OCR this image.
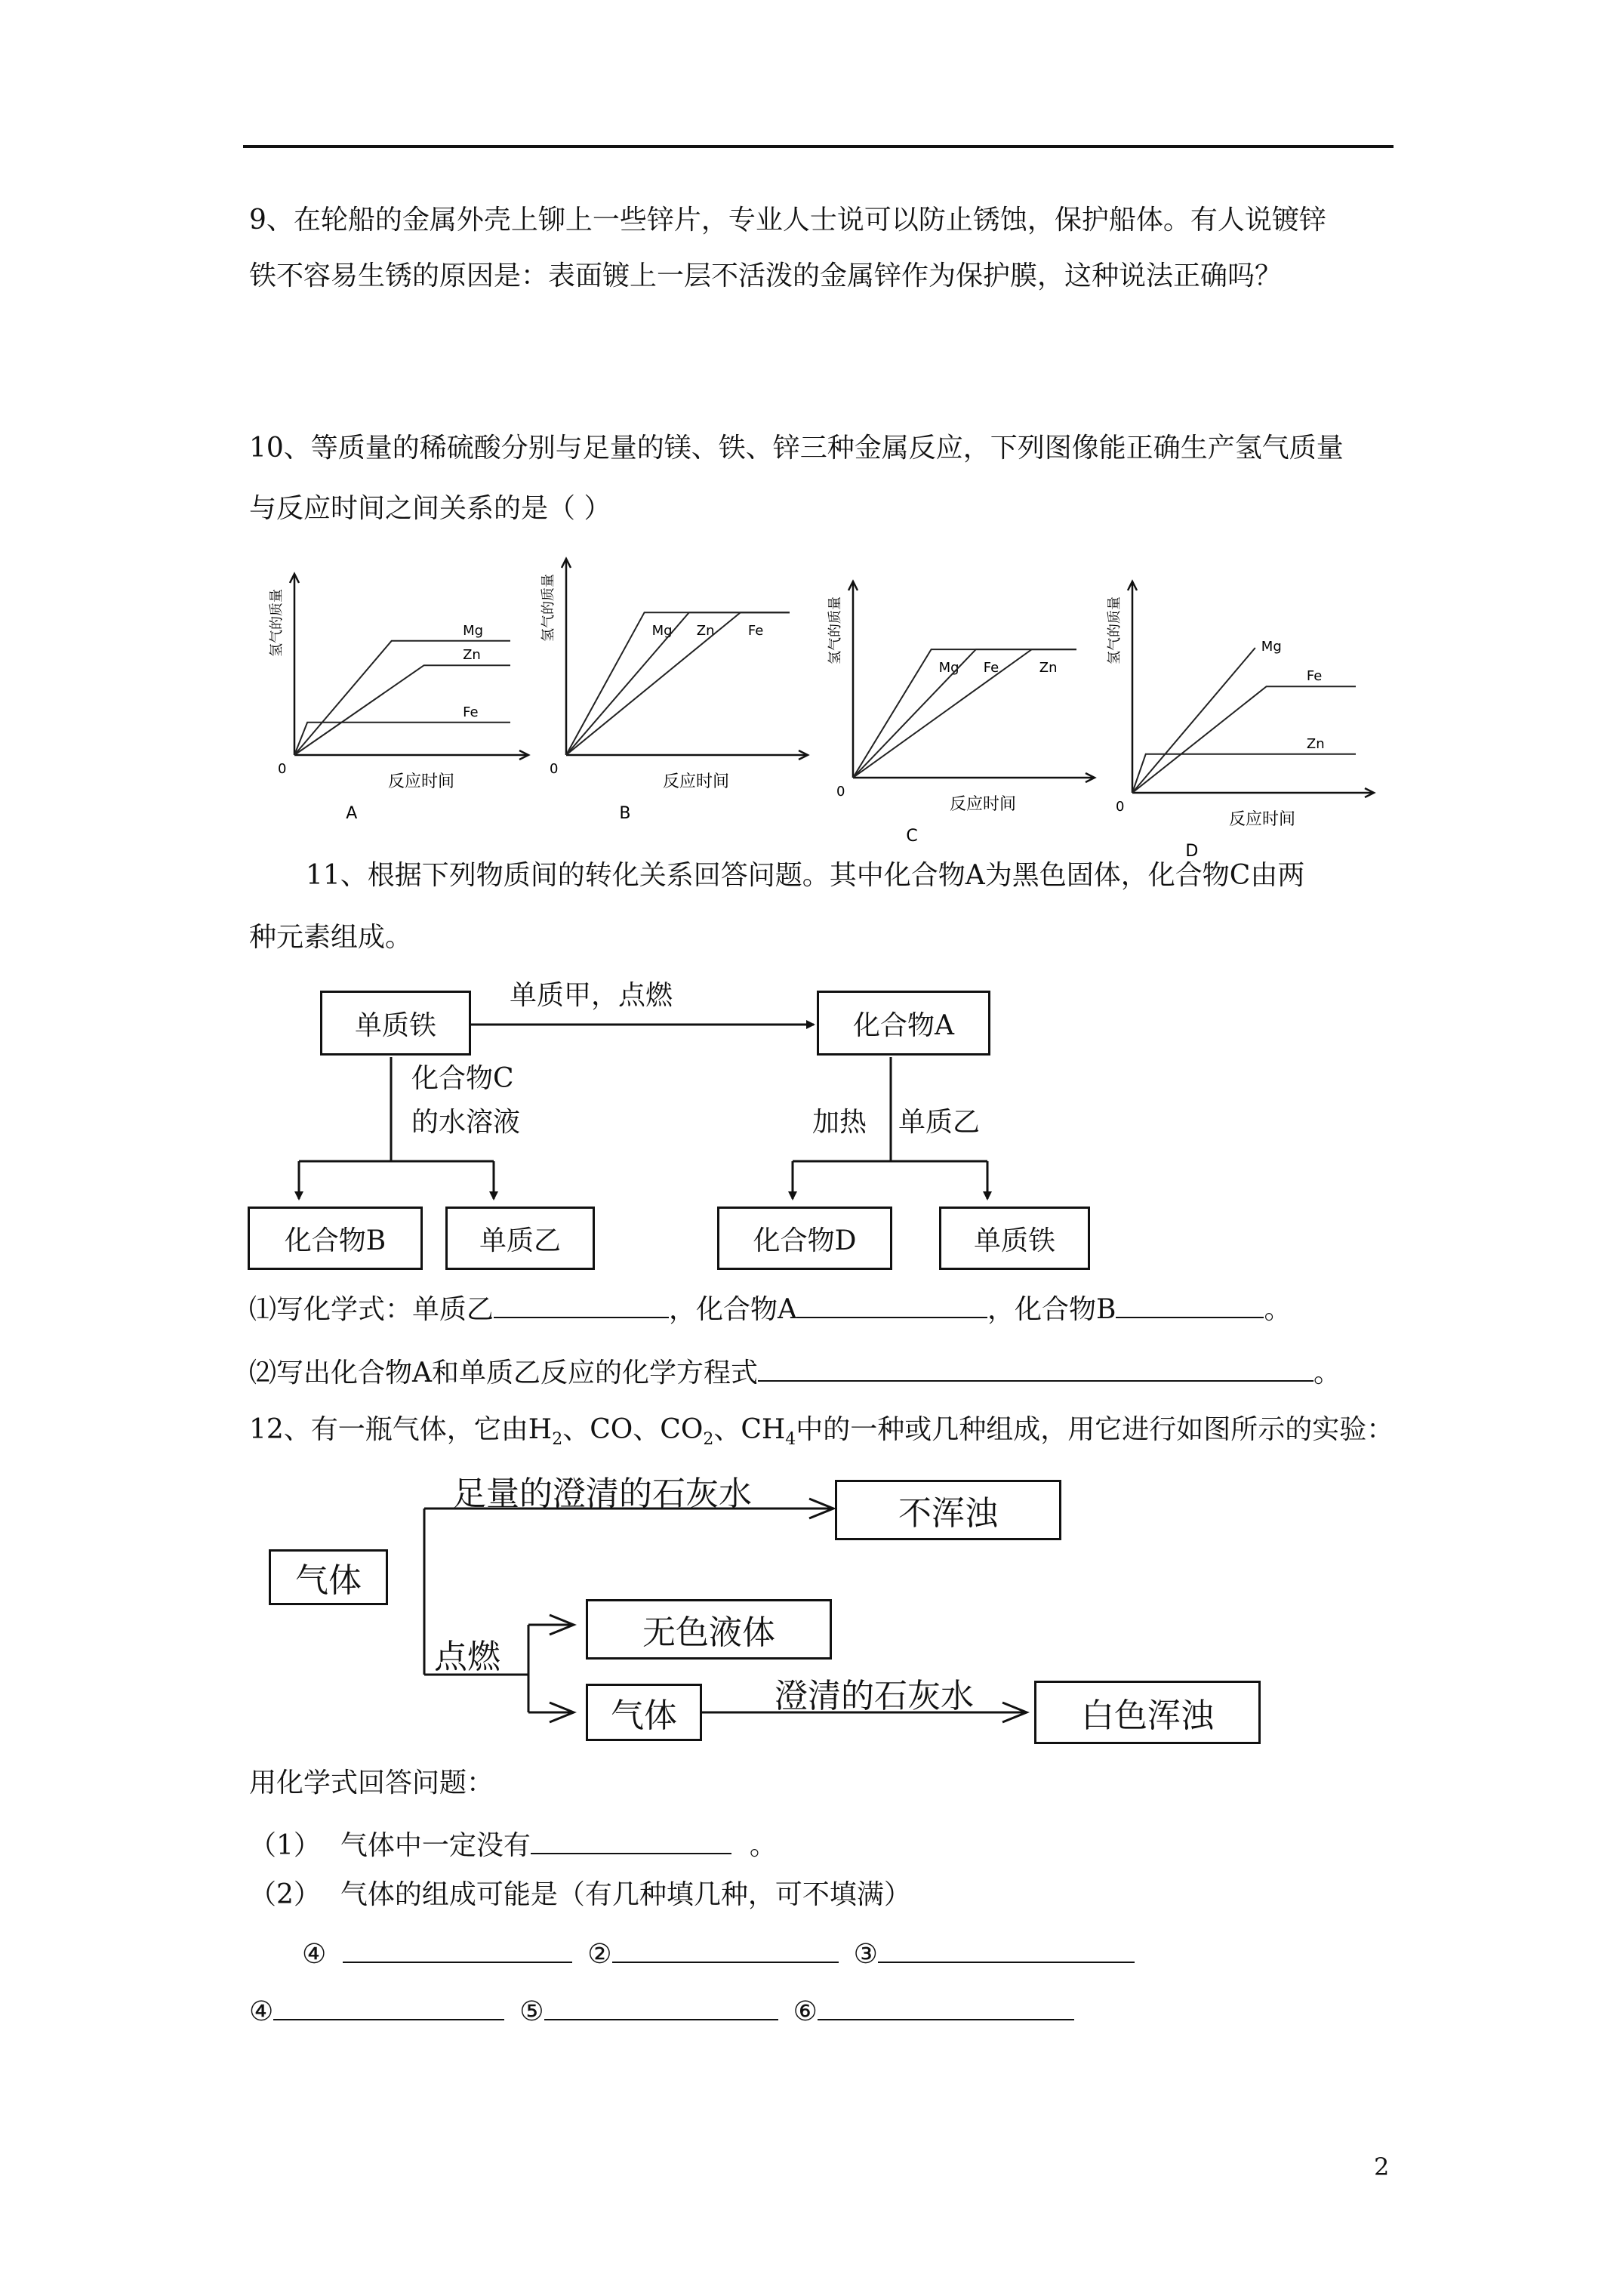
9、在轮船的金属外壳上铆上一些锌片，专业人士说可以防止锈蚀，保护船体。有人说镀锌
铁不容易生锈的原因是：表面镀上一层不活泼的金属锌作为保护膜，这种说法正确吗？
10、等质量的稀硫酸分别与足量的镁、铁、锌三种金属反应，下列图像能正确生产氢气质量
与反应时间之间关系的是（ ）
0
反应时间
氢气的质量
A
Mg
Zn
Fe
0
反应时间
氢气的质量
B
Mg Zn Fe
0
反应时间
氢气的质量
C
Mg Fe	Zn
0
反应时间
氢气的质量
D
Mg
Fe
Zn
11、根据下列物质间的转化关系回答问题。其中化合物A为黑色固体，化合物C由两
种元素组成。
单质铁
单质甲，点燃
化合物A
化合物C
的水溶液	加热 单质乙
化合物B	单质乙	化合物D	单质铁
⑴写化学式：单质乙	，化合物A	，化合物B	。
⑵写出化合物A和单质乙反应的化学方程式	。
12、有一瓶气体，它由$H_2$、CO、$CO_2$、$CH_4$中的一种或几种组成，用它进行如图所示的实验：
气体
足量的澄清的石灰水
不浑浊
点燃
无色液体
气体
澄清的石灰水
白色浑浊
用化学式回答问题：
（1） 气体中一定没有	。
（2） 气体的组成可能是（有几种填几种，可不填满）
④	②	③
④	⑤	⑥
2
